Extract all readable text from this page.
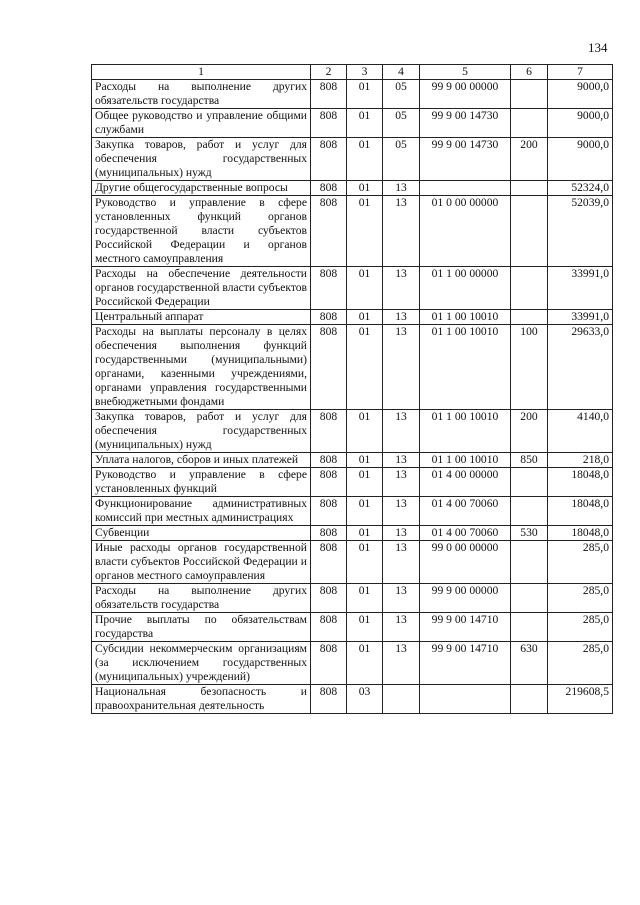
134
1	2	3	4	5	6	7
Расходы на выполнение других обязательств государства	808	01	05	99 9 00 00000		9000,0
Общее руководство и управление общими службами	808	01	05	99 9 00 14730		9000,0
Закупка товаров, работ и услуг для обеспечения государственных (муниципальных) нужд	808	01	05	99 9 00 14730	200	9000,0
Другие общегосударственные вопросы	808	01	13			52324,0
Руководство и управление в сфере установленных функций органов государственной власти субъектов Российской Федерации и органов местного самоуправления	808	01	13	01 0 00 00000		52039,0
Расходы на обеспечение деятельности органов государственной власти субъектов Российской Федерации	808	01	13	01 1 00 00000		33991,0
Центральный аппарат	808	01	13	01 1 00 10010		33991,0
Расходы на выплаты персоналу в целях обеспечения выполнения функций государственными (муниципальными) органами, казенными учреждениями, органами управления государственными внебюджетными фондами	808	01	13	01 1 00 10010	100	29633,0
Закупка товаров, работ и услуг для обеспечения государственных (муниципальных) нужд	808	01	13	01 1 00 10010	200	4140,0
Уплата налогов, сборов и иных платежей	808	01	13	01 1 00 10010	850	218,0
Руководство и управление в сфере установленных функций	808	01	13	01 4 00 00000		18048,0
Функционирование административных комиссий при местных администрациях	808	01	13	01 4 00 70060		18048,0
Субвенции	808	01	13	01 4 00 70060	530	18048,0
Иные расходы органов государственной власти субъектов Российской Федерации и органов местного самоуправления	808	01	13	99 0 00 00000		285,0
Расходы на выполнение других обязательств государства	808	01	13	99 9 00 00000		285,0
Прочие выплаты по обязательствам государства	808	01	13	99 9 00 14710		285,0
Субсидии некоммерческим организациям (за исключением государственных (муниципальных) учреждений)	808	01	13	99 9 00 14710	630	285,0
Национальная безопасность и правоохранительная деятельность	808	03				219608,5
